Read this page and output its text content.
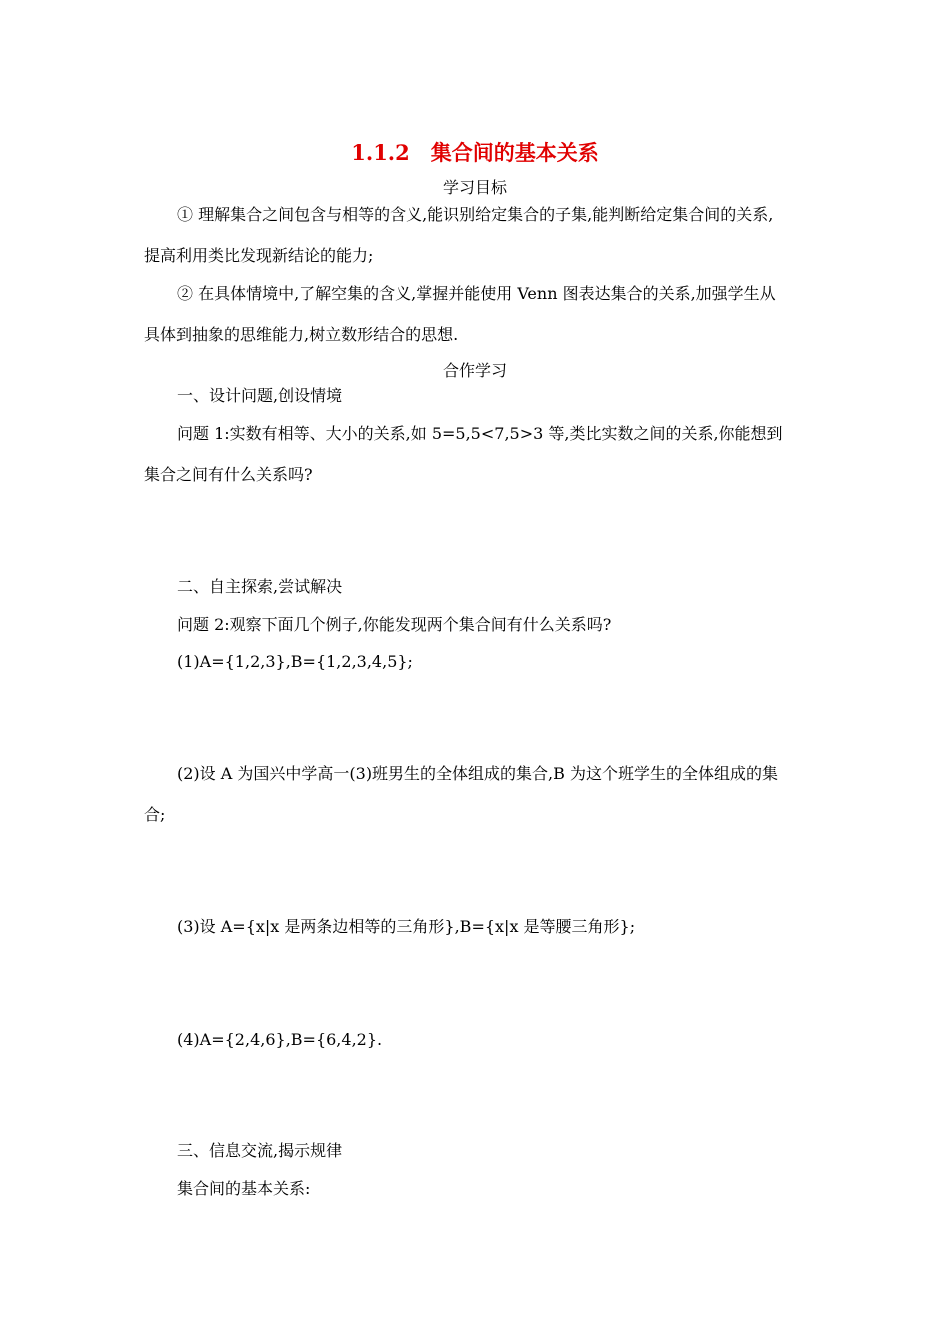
1.1.2　集合间的基本关系
学习目标
① 理解集合之间包含与相等的含义,能识别给定集合的子集,能判断给定集合间的关系,
提高利用类比发现新结论的能力;
② 在具体情境中,了解空集的含义,掌握并能使用 Venn 图表达集合的关系,加强学生从
具体到抽象的思维能力,树立数形结合的思想.
合作学习
一、设计问题,创设情境
问题 1:实数有相等、大小的关系,如 5=5,5<7,5>3 等,类比实数之间的关系,你能想到
集合之间有什么关系吗?
二、自主探索,尝试解决
问题 2:观察下面几个例子,你能发现两个集合间有什么关系吗?
(1)A={1,2,3},B={1,2,3,4,5};
(2)设 A 为国兴中学高一(3)班男生的全体组成的集合,B 为这个班学生的全体组成的集
合;
(3)设 A={x|x 是两条边相等的三角形},B={x|x 是等腰三角形};
(4)A={2,4,6},B={6,4,2}.
三、信息交流,揭示规律
集合间的基本关系:
